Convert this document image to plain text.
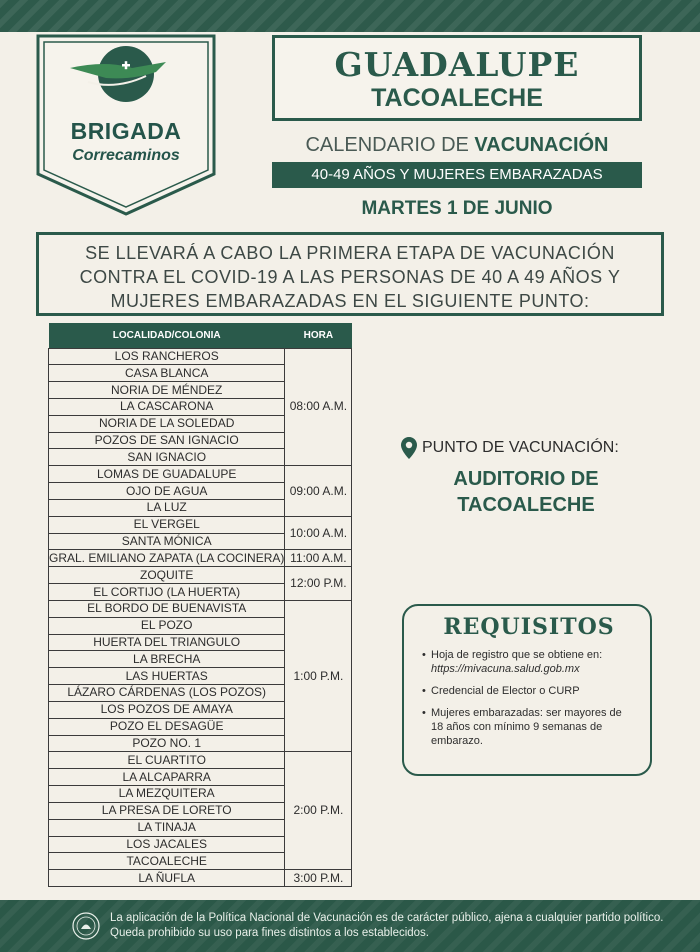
BRIGADA
Correcaminos
GUADALUPE
TACOALECHE
CALENDARIO DE VACUNACIÓN
40-49 AÑOS Y MUJERES EMBARAZADAS
MARTES 1 DE JUNIO
SE LLEVARÁ A CABO LA PRIMERA ETAPA DE VACUNACIÓN
CONTRA EL COVID-19 A LAS PERSONAS DE 40 A 49 AÑOS Y
MUJERES EMBARAZADAS EN EL SIGUIENTE PUNTO:
LOCALIDAD/COLONIA	HORA
LOS RANCHEROS	08:00 A.M.
CASA BLANCA	
NORIA DE MÉNDEZ	
LA CASCARONA	
NORIA DE LA SOLEDAD	
POZOS DE SAN IGNACIO	
SAN IGNACIO	
LOMAS DE GUADALUPE	09:00 A.M.
OJO DE AGUA	
LA LUZ	
EL VERGEL	10:00 A.M.
SANTA MÓNICA	
GRAL. EMILIANO ZAPATA (LA COCINERA)	11:00 A.M.
ZOQUITE	12:00 P.M.
EL CORTIJO (LA HUERTA)	
EL BORDO DE BUENAVISTA	1:00 P.M.
EL POZO	
HUERTA DEL TRIANGULO	
LA BRECHA	
LAS HUERTAS	
LÁZARO CÁRDENAS (LOS POZOS)	
LOS POZOS DE AMAYA	
POZO EL DESAGÜE	
POZO NO. 1	
EL CUARTITO	2:00 P.M.
LA ALCAPARRA	
LA MEZQUITERA	
LA PRESA DE LORETO	
LA TINAJA	
LOS JACALES	
TACOALECHE	
LA ÑUFLA	3:00 P.M.
PUNTO DE VACUNACIÓN:
AUDITORIO DE
TACOALECHE
REQUISITOS
• Hoja de registro que se obtiene en: https://mivacuna.salud.gob.mx
• Credencial de Elector o CURP
• Mujeres embarazadas: ser mayores de 18 años con mínimo 9 semanas de embarazo.
La aplicación de la Política Nacional de Vacunación es de carácter público, ajena a cualquier partido político. Queda prohibido su uso para fines distintos a los establecidos.
